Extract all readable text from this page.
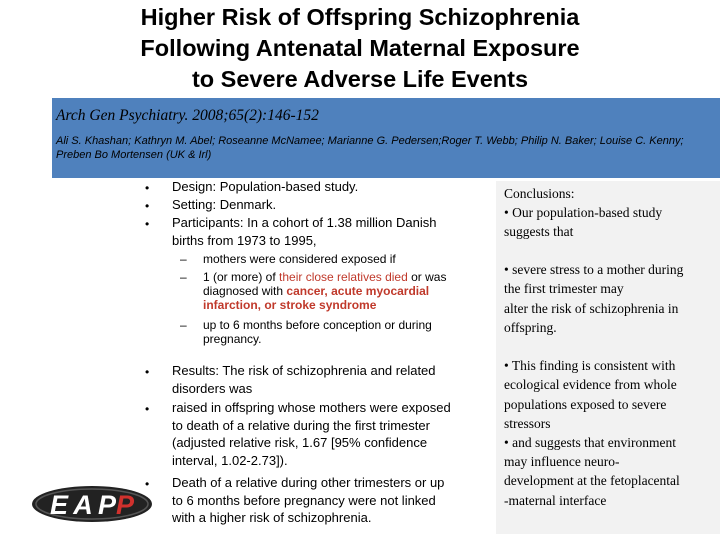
Higher Risk of Offspring Schizophrenia
Following Antenatal Maternal Exposure
to Severe Adverse Life Events
Arch Gen Psychiatry. 2008;65(2):146-152
Ali S. Khashan; Kathryn M. Abel; Roseanne McNamee; Marianne G. Pedersen;Roger T. Webb; Philip N. Baker; Louise C. Kenny; Preben Bo Mortensen (UK & Irl)
• Design: Population-based study.
• Setting: Denmark.
• Participants: In a cohort of 1.38 million Danish
births from 1973 to 1995,
– mothers were considered exposed if
– 1 (or more) of their close relatives died or was
diagnosed with cancer, acute myocardial
infarction, or stroke syndrome
– up to 6 months before conception or during
pregnancy.
• Results: The risk of schizophrenia and related
disorders was
• raised in offspring whose mothers were exposed
to death of a relative during the first trimester
(adjusted relative risk, 1.67 [95% confidence
interval, 1.02-2.73]).
• Death of a relative during other trimesters or up
to 6 months before pregnancy were not linked
with a higher risk of schizophrenia.
Conclusions:
• Our population-based study
suggests that
• severe stress to a mother during
the first trimester may
alter the risk of schizophrenia in
offspring.
• This finding is consistent with
ecological evidence from whole
populations exposed to severe
stressors
• and suggests that environment
may influence neuro-
development at the fetoplacental
-maternal interface
EAP P
